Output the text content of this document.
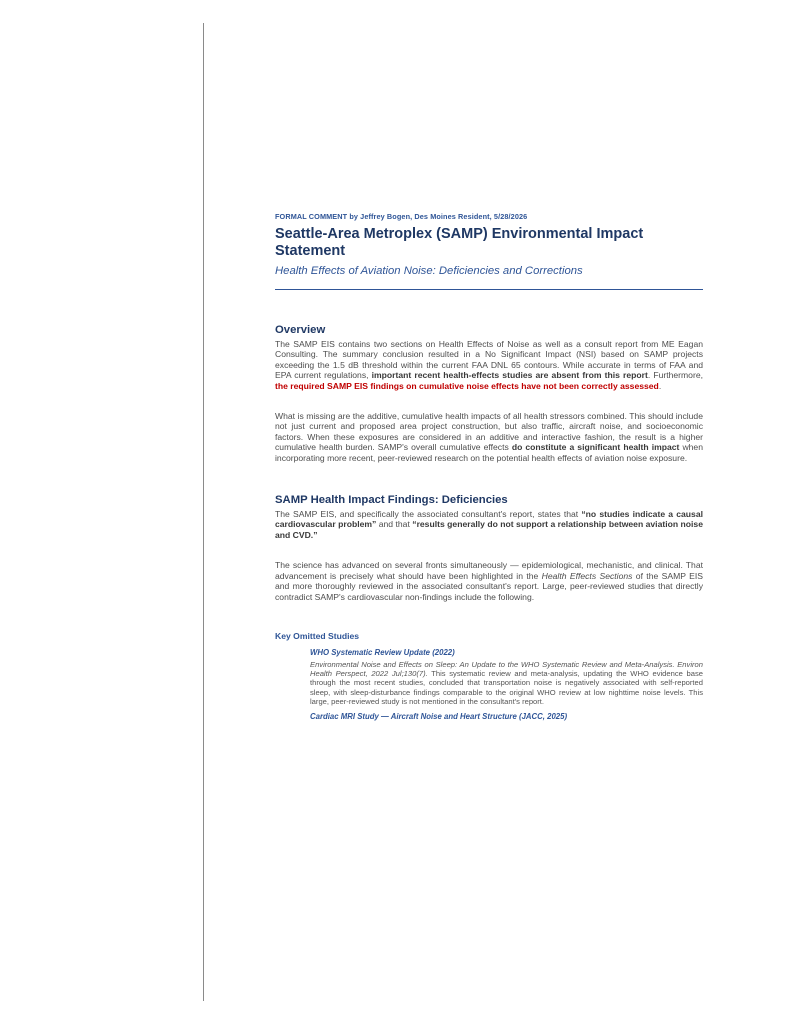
FORMAL COMMENT by Jeffrey Bogen, Des Moines Resident, 5/28/2026

Seattle-Area Metroplex (SAMP) Environmental Impact Statement

Health Effects of Aviation Noise: Deficiencies and Corrections

Overview

The SAMP EIS contains two sections on Health Effects of Noise as well as a consult report from ME Eagan Consulting. The summary conclusion resulted in a No Significant Impact (NSI) based on SAMP projects exceeding the 1.5 dB threshold within the current FAA DNL 65 contours. While accurate in terms of FAA and EPA current regulations, important recent health-effects studies are absent from this report. Furthermore, the required SAMP EIS findings on cumulative noise effects have not been correctly assessed.

What is missing are the additive, cumulative health impacts of all health stressors combined. This should include not just current and proposed area project construction, but also traffic, aircraft noise, and socioeconomic factors. When these exposures are considered in an additive and interactive fashion, the result is a higher cumulative health burden. SAMP's overall cumulative effects do constitute a significant health impact when incorporating more recent, peer-reviewed research on the potential health effects of aviation noise exposure.

SAMP Health Impact Findings: Deficiencies

The SAMP EIS, and specifically the associated consultant's report, states that “no studies indicate a causal cardiovascular problem” and that “results generally do not support a relationship between aviation noise and CVD.”

The science has advanced on several fronts simultaneously — epidemiological, mechanistic, and clinical. That advancement is precisely what should have been highlighted in the Health Effects Sections of the SAMP EIS and more thoroughly reviewed in the associated consultant's report. Large, peer-reviewed studies that directly contradict SAMP's cardiovascular non-findings include the following.

Key Omitted Studies

WHO Systematic Review Update (2022)

Environmental Noise and Effects on Sleep: An Update to the WHO Systematic Review and Meta-Analysis. Environ Health Perspect, 2022 Jul;130(7). This systematic review and meta-analysis, updating the WHO evidence base through the most recent studies, concluded that transportation noise is negatively associated with self-reported sleep, with sleep-disturbance findings comparable to the original WHO review at low nighttime noise levels. This large, peer-reviewed study is not mentioned in the consultant's report.

Cardiac MRI Study — Aircraft Noise and Heart Structure (JACC, 2025)
